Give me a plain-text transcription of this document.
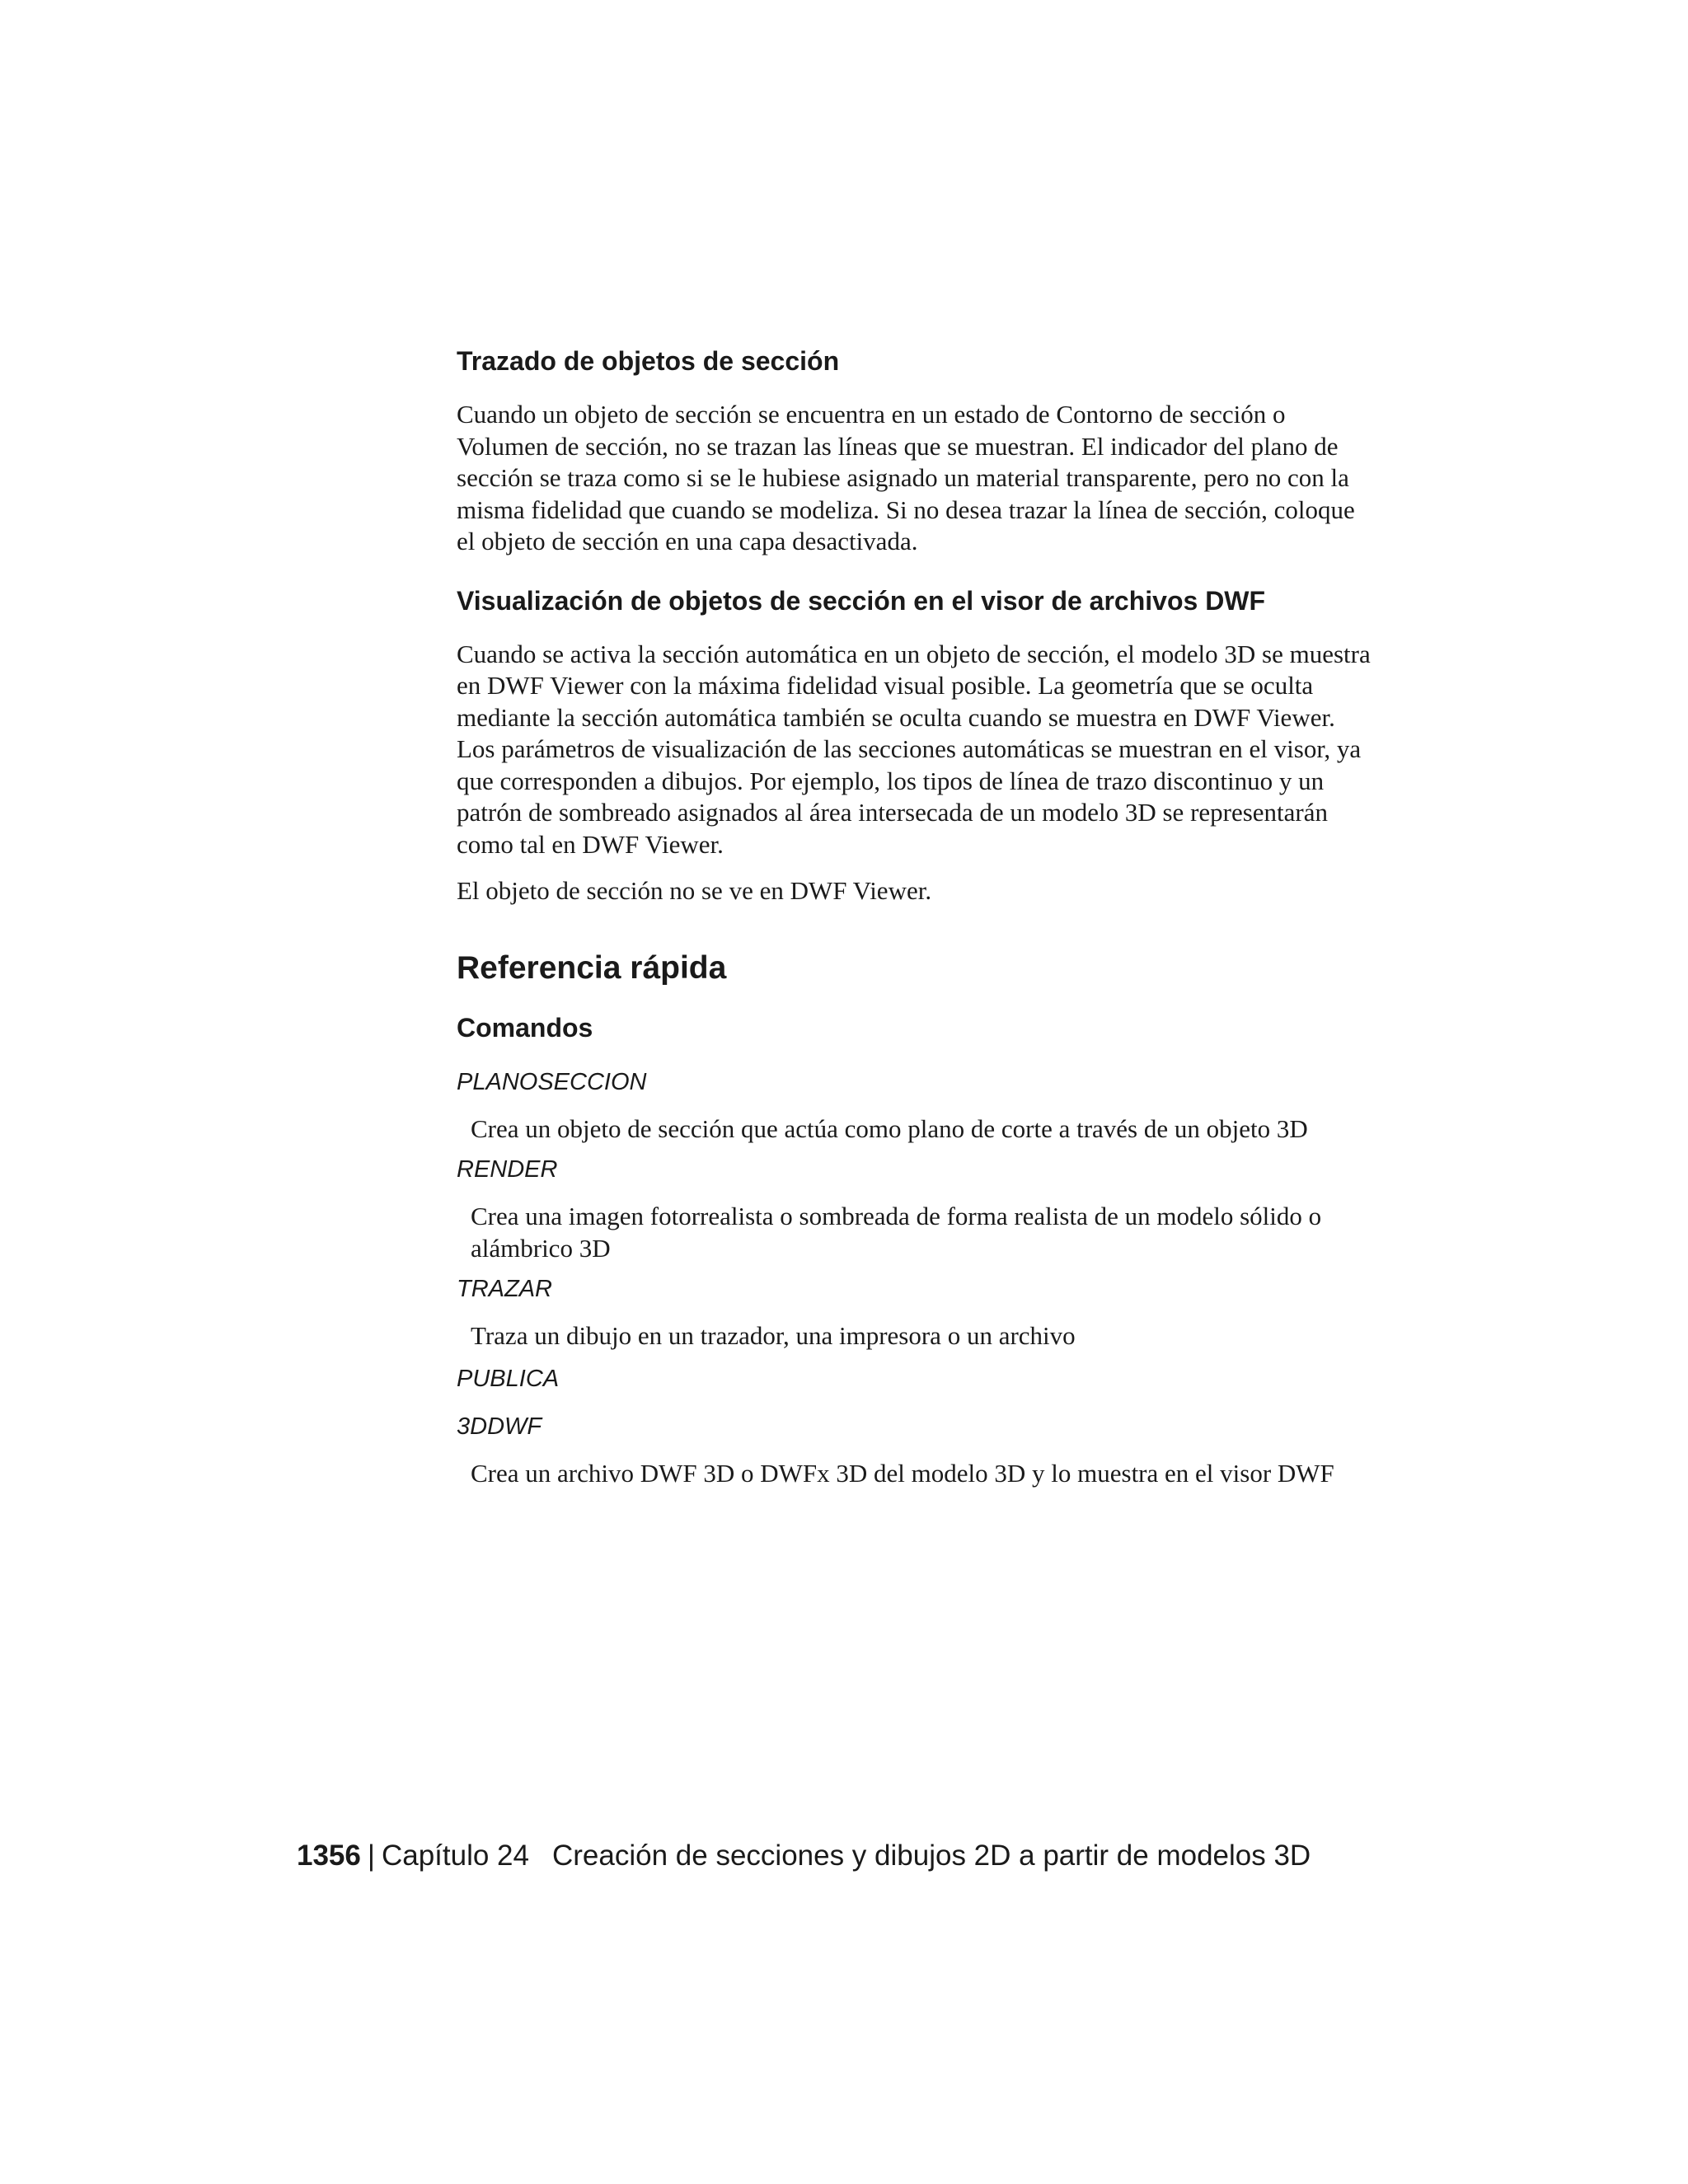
Trazado de objetos de sección

Cuando un objeto de sección se encuentra en un estado de Contorno de sección o Volumen de sección, no se trazan las líneas que se muestran. El indicador del plano de sección se traza como si se le hubiese asignado un material transparente, pero no con la misma fidelidad que cuando se modeliza. Si no desea trazar la línea de sección, coloque el objeto de sección en una capa desactivada.

Visualización de objetos de sección en el visor de archivos DWF

Cuando se activa la sección automática en un objeto de sección, el modelo 3D se muestra en DWF Viewer con la máxima fidelidad visual posible. La geometría que se oculta mediante la sección automática también se oculta cuando se muestra en DWF Viewer. Los parámetros de visualización de las secciones automáticas se muestran en el visor, ya que corresponden a dibujos. Por ejemplo, los tipos de línea de trazo discontinuo y un patrón de sombreado asignados al área intersecada de un modelo 3D se representarán como tal en DWF Viewer.

El objeto de sección no se ve en DWF Viewer.

Referencia rápida
Comandos

PLANOSECCION

Crea un objeto de sección que actúa como plano de corte a través de un objeto 3D

RENDER

Crea una imagen fotorrealista o sombreada de forma realista de un modelo sólido o alámbrico 3D

TRAZAR

Traza un dibujo en un trazador, una impresora o un archivo

PUBLICA

3DDWF

Crea un archivo DWF 3D o DWFx 3D del modelo 3D y lo muestra en el visor DWF

1356 | Capítulo 24 Creación de secciones y dibujos 2D a partir de modelos 3D
